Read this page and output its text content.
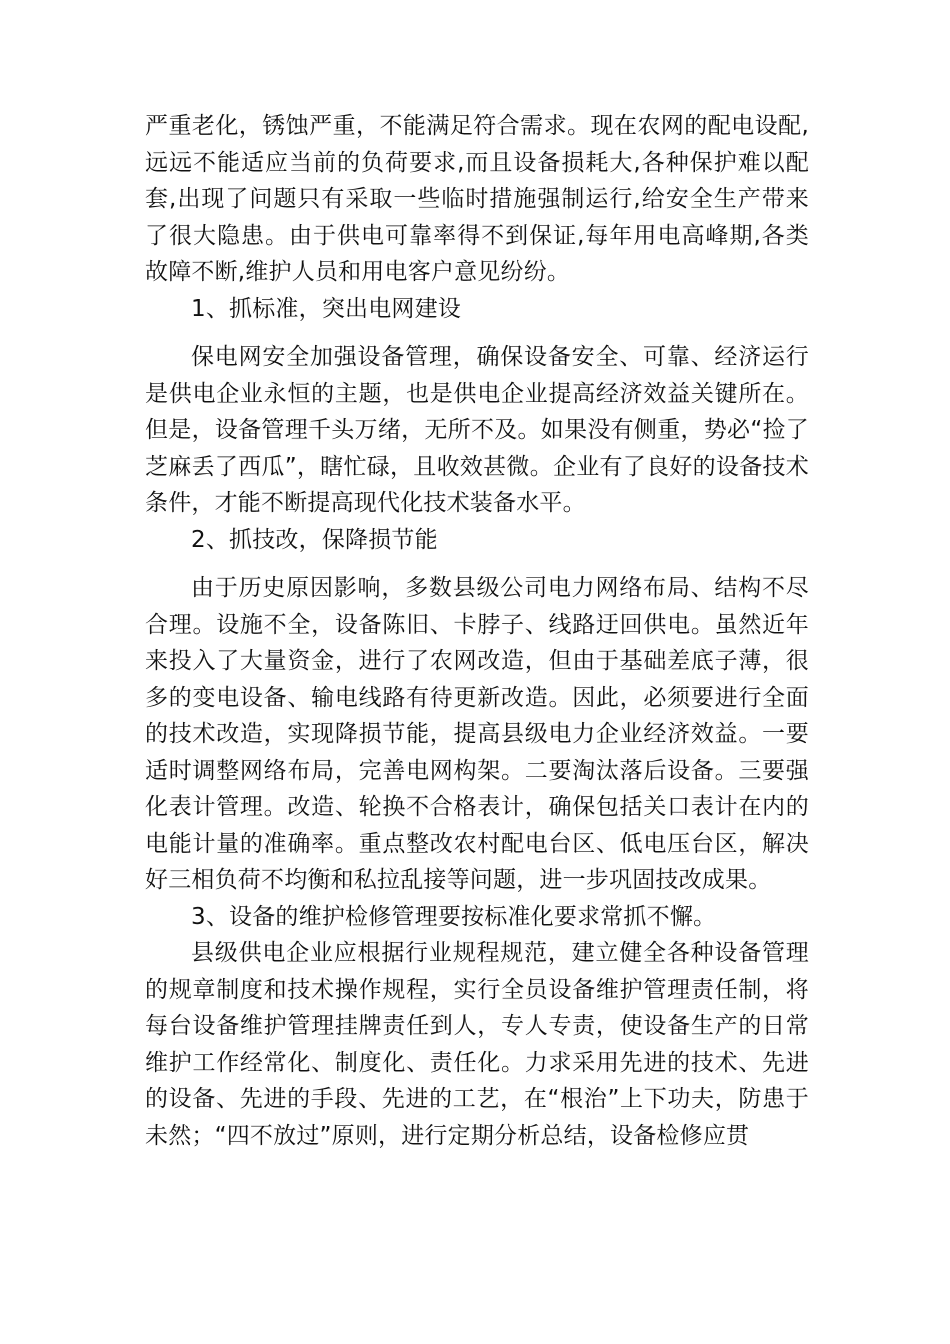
严重老化，锈蚀严重，不能满足符合需求。现在农网的配电设配,远远不能适应当前的负荷要求,而且设备损耗大,各种保护难以配套,出现了问题只有采取一些临时措施强制运行,给安全生产带来了很大隐患。由于供电可靠率得不到保证,每年用电高峰期,各类故障不断,维护人员和用电客户意见纷纷。

1、抓标准，突出电网建设

保电网安全加强设备管理，确保设备安全、可靠、经济运行是供电企业永恒的主题，也是供电企业提高经济效益关键所在。但是，设备管理千头万绪，无所不及。如果没有侧重，势必“捡了芝麻丢了西瓜”，瞎忙碌，且收效甚微。企业有了良好的设备技术条件，才能不断提高现代化技术装备水平。

2、抓技改，保降损节能

由于历史原因影响，多数县级公司电力网络布局、结构不尽合理。设施不全，设备陈旧、卡脖子、线路迂回供电。虽然近年来投入了大量资金，进行了农网改造，但由于基础差底子薄，很多的变电设备、输电线路有待更新改造。因此，必须要进行全面的技术改造，实现降损节能，提高县级电力企业经济效益。一要适时调整网络布局，完善电网构架。二要淘汰落后设备。三要强化表计管理。改造、轮换不合格表计，确保包括关口表计在内的电能计量的准确率。重点整改农村配电台区、低电压台区，解决好三相负荷不均衡和私拉乱接等问题，进一步巩固技改成果。

3、设备的维护检修管理要按标准化要求常抓不懈。

县级供电企业应根据行业规程规范，建立健全各种设备管理的规章制度和技术操作规程，实行全员设备维护管理责任制，将每台设备维护管理挂牌责任到人，专人专责，使设备生产的日常维护工作经常化、制度化、责任化。力求采用先进的技术、先进的设备、先进的手段、先进的工艺，在“根治”上下功夫，防患于未然；“四不放过”原则，进行定期分析总结，设备检修应贯
